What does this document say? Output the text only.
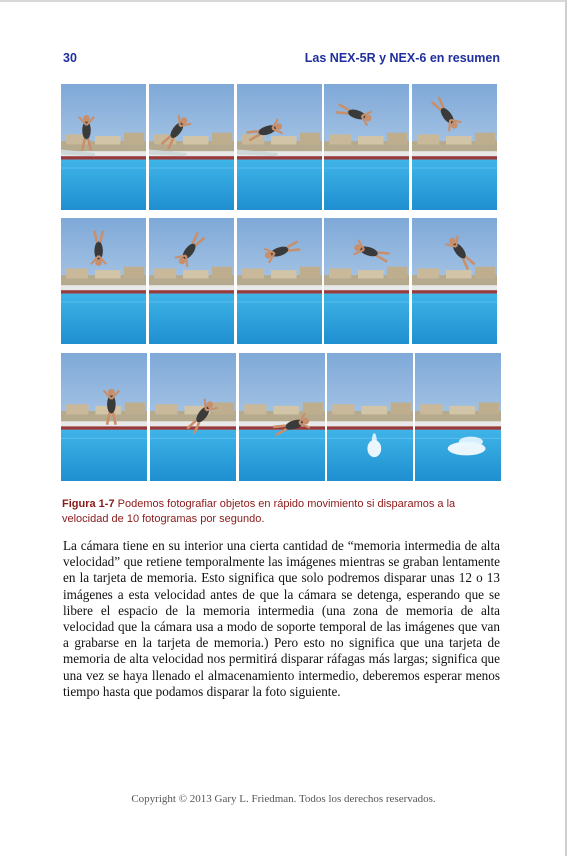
30	Las NEX-5R y NEX-6 en resumen
Figura 1-7 Podemos fotografiar objetos en rápido movimiento si disparamos a la velocidad de 10 fotogramas por segundo.
La cámara tiene en su interior una cierta cantidad de “memoria intermedia de alta velocidad” que retiene temporalmente las imágenes mientras se graban lentamente en la tarjeta de memoria. Esto significa que solo podremos disparar unas 12 o 13 imágenes a esta velocidad antes de que la cámara se detenga, esperando que se libere el espacio de la memoria intermedia (una zona de memoria de alta velocidad que la cámara usa a modo de soporte temporal de las imágenes que van a grabarse en la tarjeta de memoria.) Pero esto no significa que una tarjeta de memoria de alta velocidad nos permitirá disparar ráfagas más largas; significa que una vez se haya llenado el almacenamiento intermedio, deberemos esperar menos tiempo hasta que podamos disparar la foto siguiente.
Copyright © 2013 Gary L. Friedman. Todos los derechos reservados.
